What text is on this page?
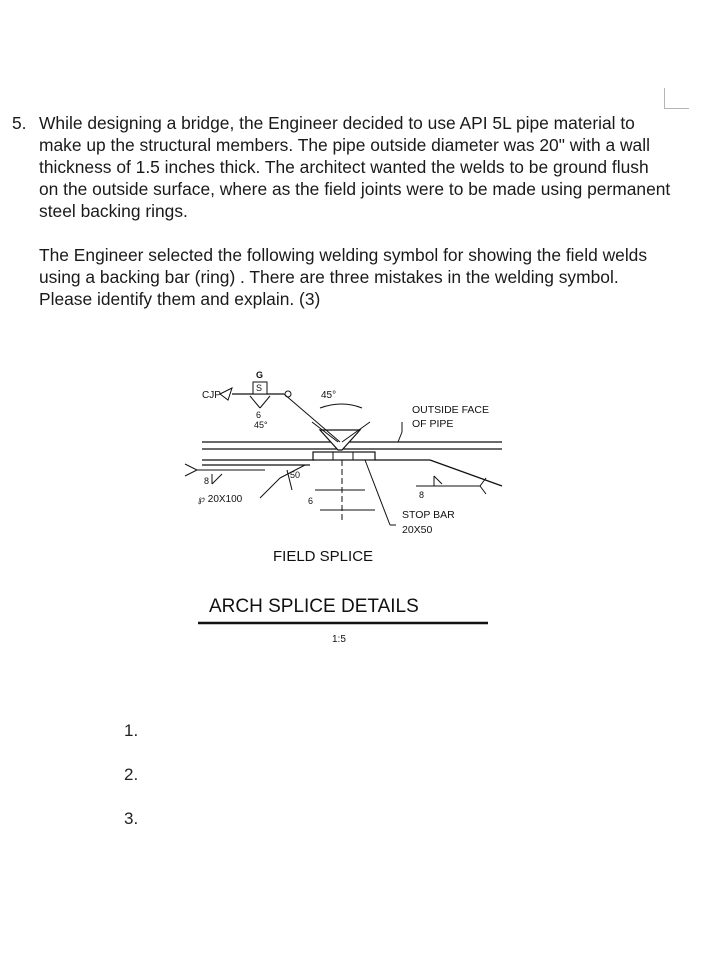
5. While designing a bridge, the Engineer decided to use API 5L pipe material to make up the structural members. The pipe outside diameter was 20" with a wall thickness of 1.5 inches thick. The architect wanted the welds to be ground flush on the outside surface, where as the field joints were to be made using permanent steel backing rings.
The Engineer selected the following welding symbol for showing the field welds using a backing bar (ring) . There are three mistakes in the welding symbol. Please identify them and explain. (3)
45°
CJP
S
G
6
45°
OUTSIDE FACE
OF PIPE
8
℘ 20X100
50
6
8
STOP BAR
20X50
FIELD SPLICE
ARCH SPLICE DETAILS
1:5
1.
2.
3.
